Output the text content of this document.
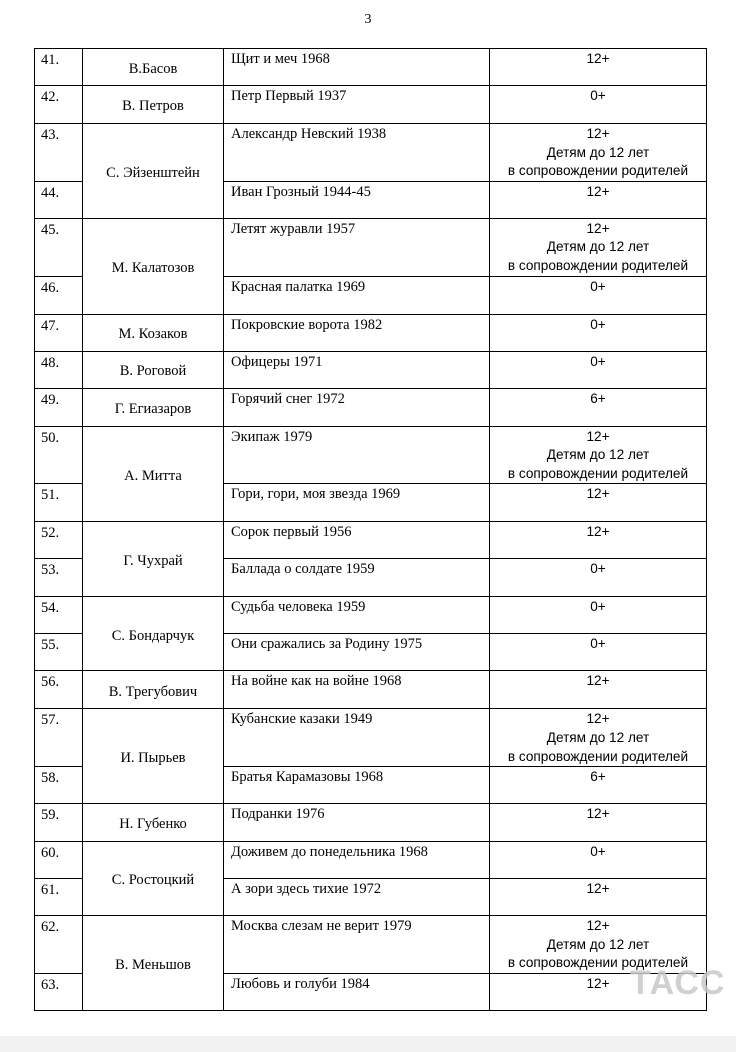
3
41.	В.Басов	Щит и меч 1968	12+

42.	В. Петров	Петр Первый 1937	0+

43.	С. Эйзенштейн	Александр Невский 1938	12+
Детям до 12 лет
в сопровождении родителей

44.		Иван Грозный 1944-45	12+

45.	М. Калатозов	Летят журавли 1957	12+
Детям до 12 лет
в сопровождении родителей

46.		Красная палатка 1969	0+

47.	М. Козаков	Покровские ворота 1982	0+

48.	В. Роговой	Офицеры 1971	0+

49.	Г. Егиазаров	Горячий снег 1972	6+

50.	А. Митта	Экипаж 1979	12+
Детям до 12 лет
в сопровождении родителей

51.		Гори, гори, моя звезда 1969	12+

52.	Г. Чухрай	Сорок первый 1956	12+

53.		Баллада о солдате 1959	0+

54.	С. Бондарчук	Судьба человека 1959	0+

55.		Они сражались за Родину 1975	0+

56.	В. Трегубович	На войне как на войне 1968	12+

57.	И. Пырьев	Кубанские казаки 1949	12+
Детям до 12 лет
в сопровождении родителей

58.		Братья Карамазовы 1968	6+

59.	Н. Губенко	Подранки 1976	12+

60.	С. Ростоцкий	Доживем до понедельника 1968	0+

61.		А зори здесь тихие 1972	12+

62.	В. Меньшов	Москва слезам не верит 1979	12+
Детям до 12 лет
в сопровождении родителей

63.		Любовь и голуби 1984	12+ ТАСС
